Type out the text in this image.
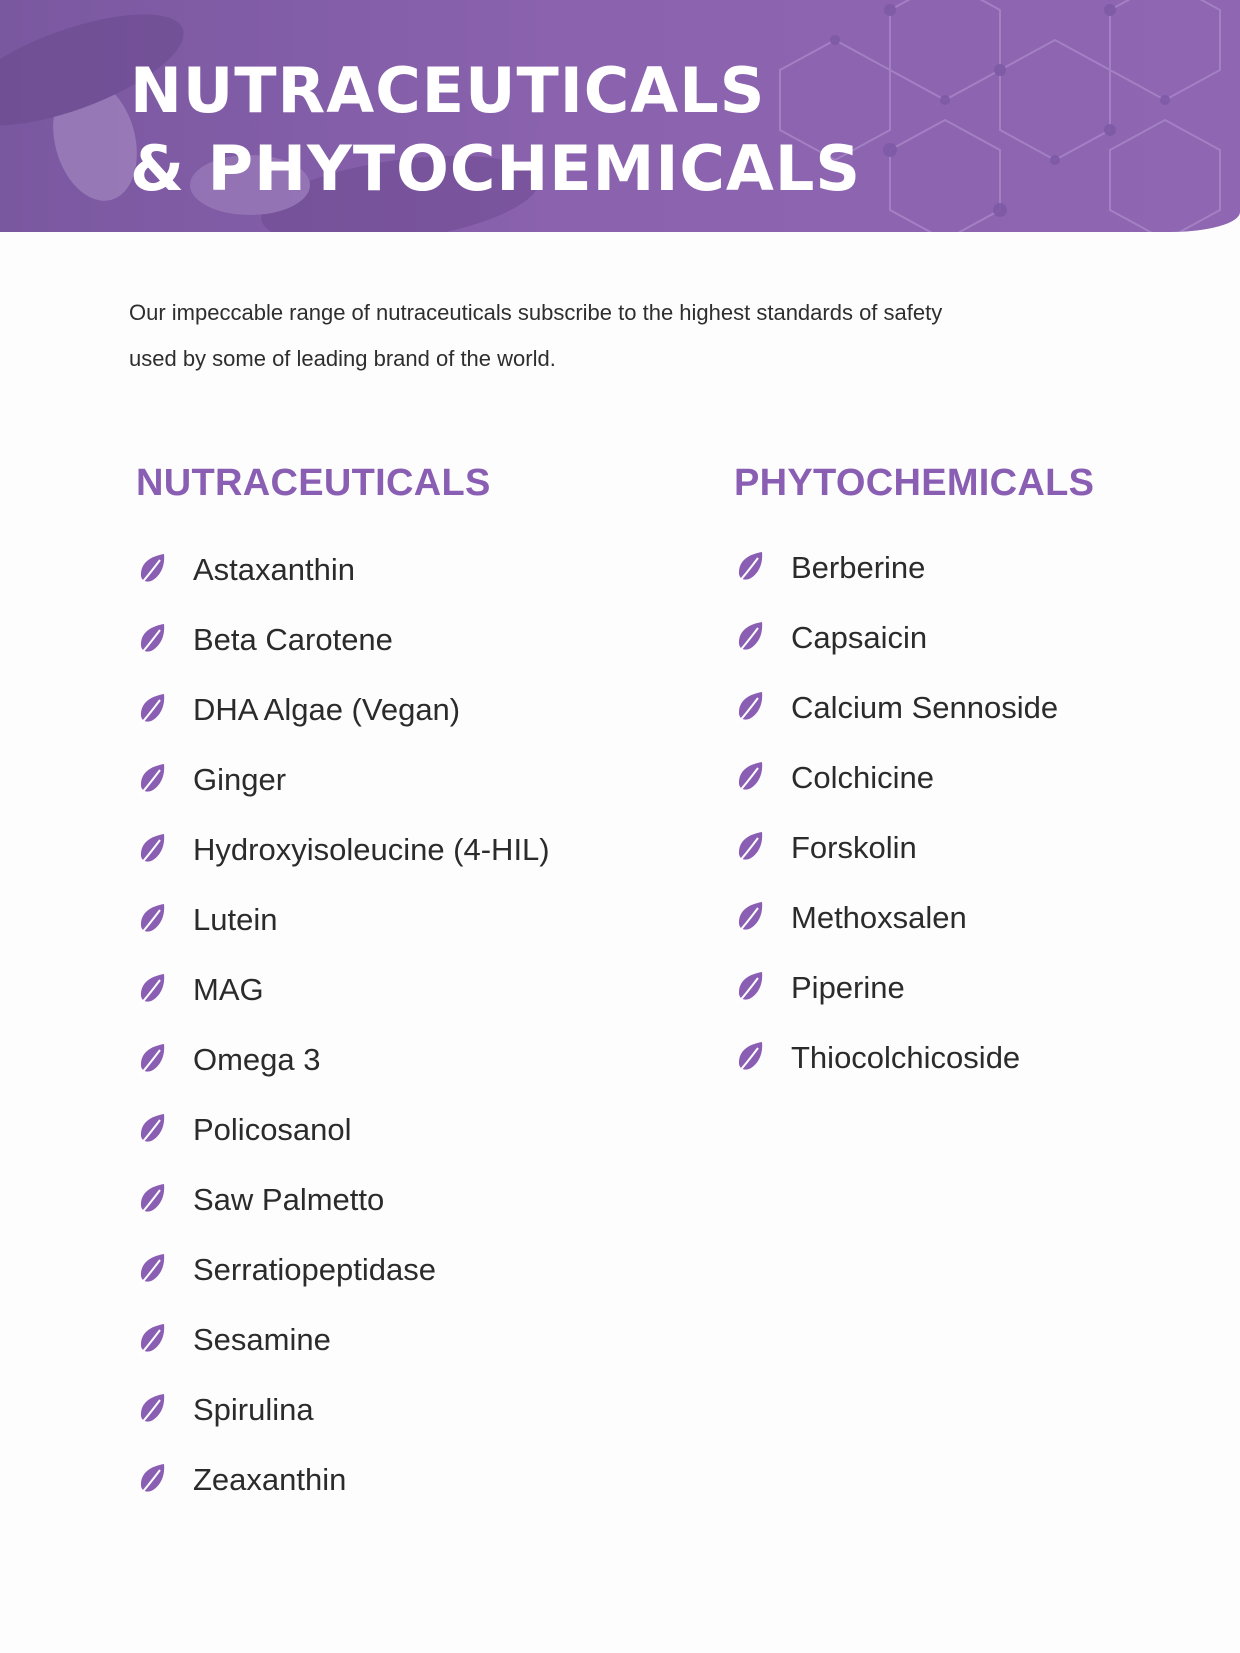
NUTRACEUTICALS
& PHYTOCHEMICALS
Our impeccable range of nutraceuticals subscribe to the highest standards of safety
used by some of leading brand of the world.
NUTRACEUTICALS
Astaxanthin
Beta Carotene
DHA Algae (Vegan)
Ginger
Hydroxyisoleucine (4-HIL)
Lutein
MAG
Omega 3
Policosanol
Saw Palmetto
Serratiopeptidase
Sesamine
Spirulina
Zeaxanthin
PHYTOCHEMICALS
Berberine
Capsaicin
Calcium Sennoside
Colchicine
Forskolin
Methoxsalen
Piperine
Thiocolchicoside
